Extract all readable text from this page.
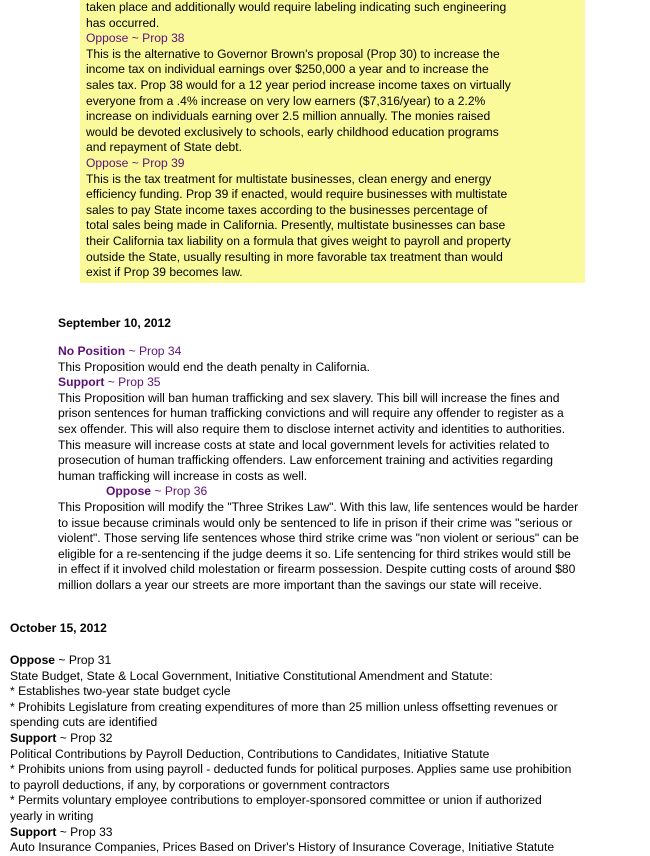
taken place and additionally would require labeling indicating such engineering
has occurred.
Oppose ~ Prop 38
This is the alternative to Governor Brown's proposal (Prop 30) to increase the
income tax on individual earnings over $250,000 a year and to increase the
sales tax. Prop 38 would for a 12 year period increase income taxes on virtually
everyone from a .4% increase on very low earners ($7,316/year) to a 2.2%
increase on individuals earning over 2.5 million annually. The monies raised
would be devoted exclusively to schools, early childhood education programs
and repayment of State debt.
Oppose ~ Prop 39
This is the tax treatment for multistate businesses, clean energy and energy
efficiency funding. Prop 39 if enacted, would require businesses with multistate
sales to pay State income taxes according to the businesses percentage of
total sales being made in California. Presently, multistate businesses can base
their California tax liability on a formula that gives weight to payroll and property
outside the State, usually resulting in more favorable tax treatment than would
exist if Prop 39 becomes law.
September 10, 2012
No Position ~ Prop 34
This Proposition would end the death penalty in California.
Support ~ Prop 35
This Proposition will ban human trafficking and sex slavery. This bill will increase the fines and
prison sentences for human trafficking convictions and will require any offender to register as a
sex offender. This will also require them to disclose internet activity and identities to authorities.
This measure will increase costs at state and local government levels for activities related to
prosecution of human trafficking offenders. Law enforcement training and activities regarding
human trafficking will increase in costs as well.
Oppose ~ Prop 36
This Proposition will modify the "Three Strikes Law". With this law, life sentences would be harder
to issue because criminals would only be sentenced to life in prison if their crime was "serious or
violent". Those serving life sentences whose third strike crime was "non violent or serious" can be
eligible for a re-sentencing if the judge deems it so. Life sentencing for third strikes would still be
in effect if it involved child molestation or firearm possession. Despite cutting costs of around $80
million dollars a year our streets are more important than the savings our state will receive.
October 15, 2012
Oppose ~ Prop 31
State Budget, State & Local Government, Initiative Constitutional Amendment and Statute:
* Establishes two-year state budget cycle
* Prohibits Legislature from creating expenditures of more than 25 million unless offsetting revenues or
spending cuts are identified
Support ~ Prop 32
Political Contributions by Payroll Deduction, Contributions to Candidates, Initiative Statute
* Prohibits unions from using payroll - deducted funds for political purposes. Applies same use prohibition
to payroll deductions, if any, by corporations or government contractors
* Permits voluntary employee contributions to employer-sponsored committee or union if authorized
yearly in writing
Support ~ Prop 33
Auto Insurance Companies, Prices Based on Driver's History of Insurance Coverage, Initiative Statute
